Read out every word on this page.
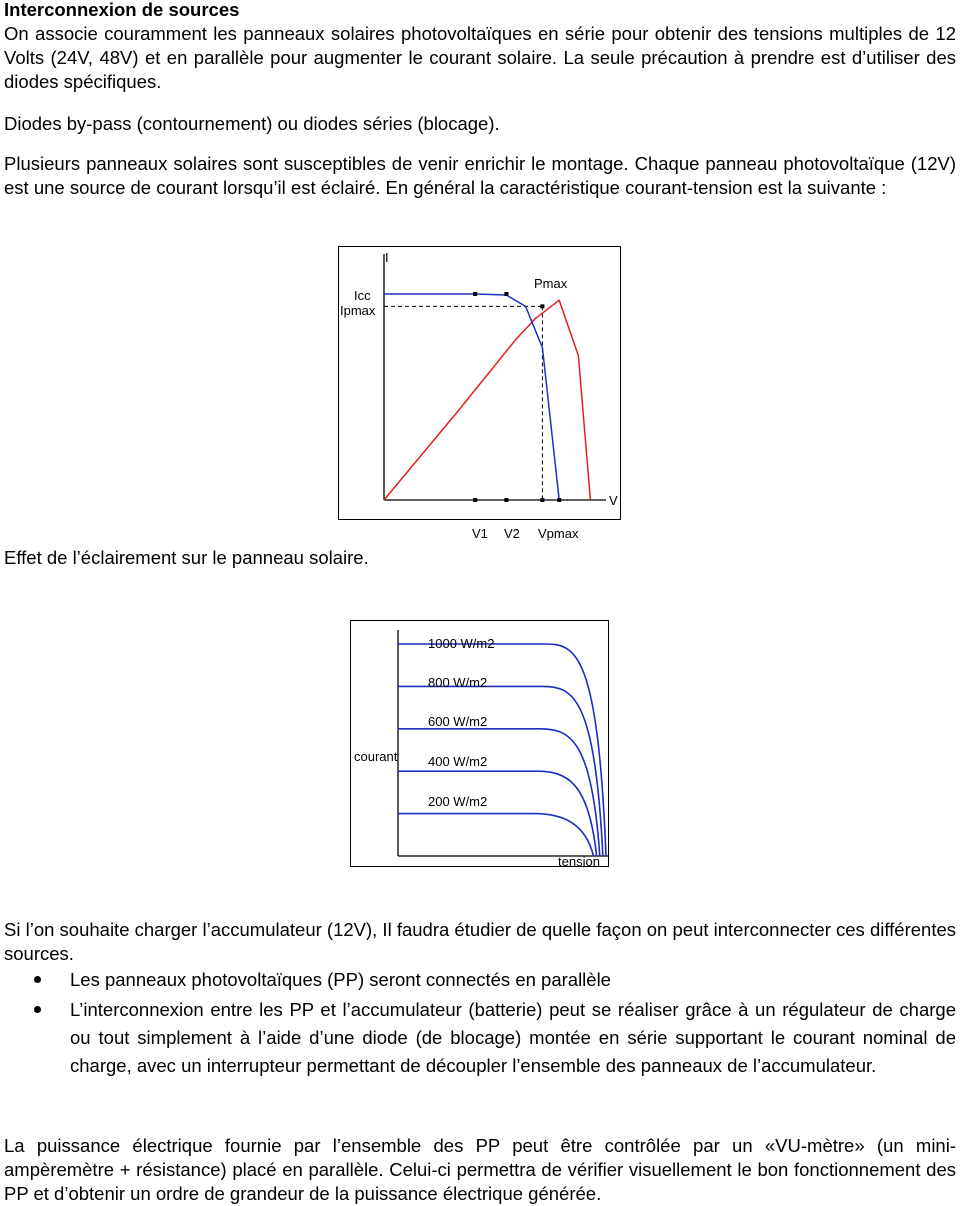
Interconnexion de sources

On associe couramment les panneaux solaires photovoltaïques en série pour obtenir des tensions multiples de 12 Volts (24V, 48V) et en parallèle pour augmenter le courant solaire. La seule précaution à prendre est d’utiliser des diodes spécifiques.

Diodes by-pass (contournement) ou diodes séries (blocage).

Plusieurs panneaux solaires sont susceptibles de venir enrichir le montage. Chaque panneau photovoltaïque (12V) est une source de courant lorsqu’il est éclairé. En général la caractéristique courant-tension est la suivante :

I
V
Icc
Ipmax
Pmax
V1 V2 Vpmax

Effet de l’éclairement sur le panneau solaire.

courant
tension
1000 W/m2
800 W/m2
600 W/m2
400 W/m2
200 W/m2

Si l’on souhaite charger l’accumulateur (12V), Il faudra étudier de quelle façon on peut interconnecter ces différentes sources.

Les panneaux photovoltaïques (PP) seront connectés en parallèle
L’interconnexion entre les PP et l’accumulateur (batterie) peut se réaliser grâce à un régulateur de charge ou tout simplement à l’aide d’une diode (de blocage) montée en série supportant le courant nominal de charge, avec un interrupteur permettant de découpler l’ensemble des panneaux de l’accumulateur.

La puissance électrique fournie par l’ensemble des PP peut être contrôlée par un «VU-mètre» (un mini-ampèremètre + résistance) placé en parallèle. Celui-ci permettra de vérifier visuellement le bon fonctionnement des PP et d’obtenir un ordre de grandeur de la puissance électrique générée.
